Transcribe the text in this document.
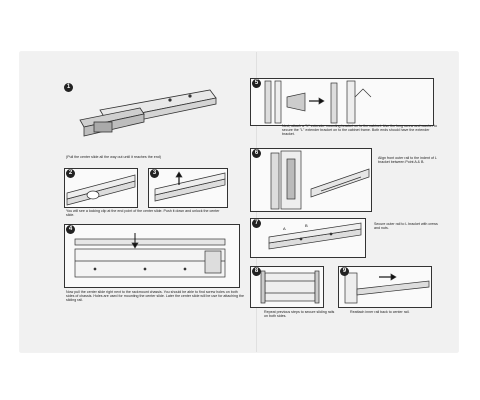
1
(Pull the center slide all the way out until it reaches the end)
2	3
You will see a locking clip at the end point of the center slide. Push it down and unlock the center slide.
4
Now pull the center slide right next to the rackmount chassis. You should be able to find screw holes on both sides of chassis. Holes are used for mounting the center slide. Later the center slide will be use for attaching the sliding rail.
5
Next, attach a "L" extender mounting bracket on to the cabinet. Use the long screw and washer to secure the "L" extender bracket on to the cabinet frame. Both ends should have the extender bracket.
6
Align front outer rail to the indent of L bracket between Point A & B.
A
B
7	Secure outer rail to L bracket with crews and nuts.
8
Repeat previous steps to secure sliding rails on both sides.
9
Reattach inner rail back to center rail.
